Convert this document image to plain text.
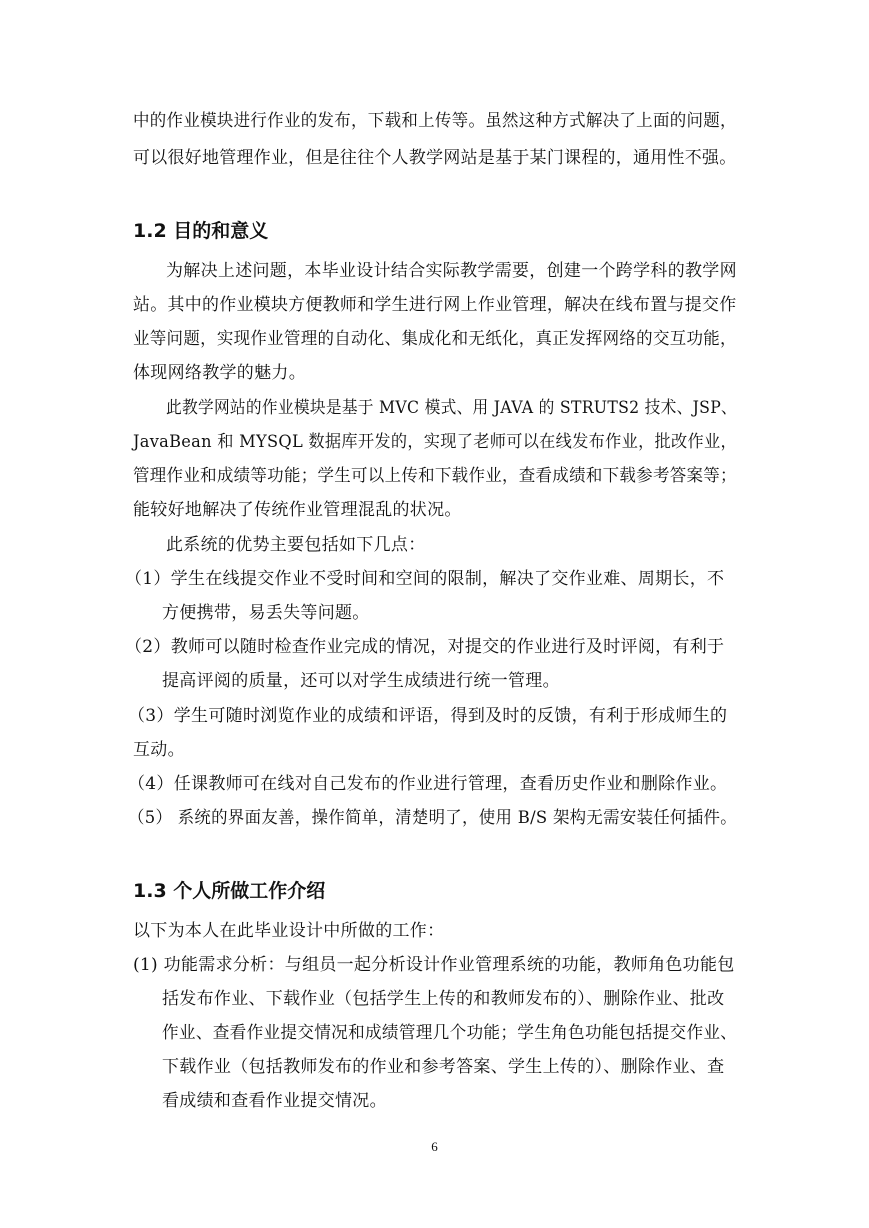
中的作业模块进行作业的发布，下载和上传等。虽然这种方式解决了上面的问题，
可以很好地管理作业，但是往往个人教学网站是基于某门课程的，通用性不强。
1.2 目的和意义
为解决上述问题，本毕业设计结合实际教学需要，创建一个跨学科的教学网
站。其中的作业模块方便教师和学生进行网上作业管理，解决在线布置与提交作
业等问题，实现作业管理的自动化、集成化和无纸化，真正发挥网络的交互功能，
体现网络教学的魅力。
此教学网站的作业模块是基于 MVC 模式、用 JAVA 的 STRUTS2 技术、JSP、
JavaBean 和 MYSQL 数据库开发的，实现了老师可以在线发布作业，批改作业，
管理作业和成绩等功能；学生可以上传和下载作业，查看成绩和下载参考答案等；
能较好地解决了传统作业管理混乱的状况。
此系统的优势主要包括如下几点：
（1）学生在线提交作业不受时间和空间的限制，解决了交作业难、周期长，不
方便携带，易丢失等问题。
（2）教师可以随时检查作业完成的情况，对提交的作业进行及时评阅，有利于
提高评阅的质量，还可以对学生成绩进行统一管理。
（3）学生可随时浏览作业的成绩和评语，得到及时的反馈，有利于形成师生的
互动。
（4）任课教师可在线对自己发布的作业进行管理，查看历史作业和删除作业。
（5） 系统的界面友善，操作简单，清楚明了，使用 B/S 架构无需安装任何插件。
1.3 个人所做工作介绍
以下为本人在此毕业设计中所做的工作：
(1) 功能需求分析：与组员一起分析设计作业管理系统的功能，教师角色功能包
括发布作业、下载作业（包括学生上传的和教师发布的）、删除作业、批改
作业、查看作业提交情况和成绩管理几个功能；学生角色功能包括提交作业、
下载作业（包括教师发布的作业和参考答案、学生上传的）、删除作业、查
看成绩和查看作业提交情况。
6
